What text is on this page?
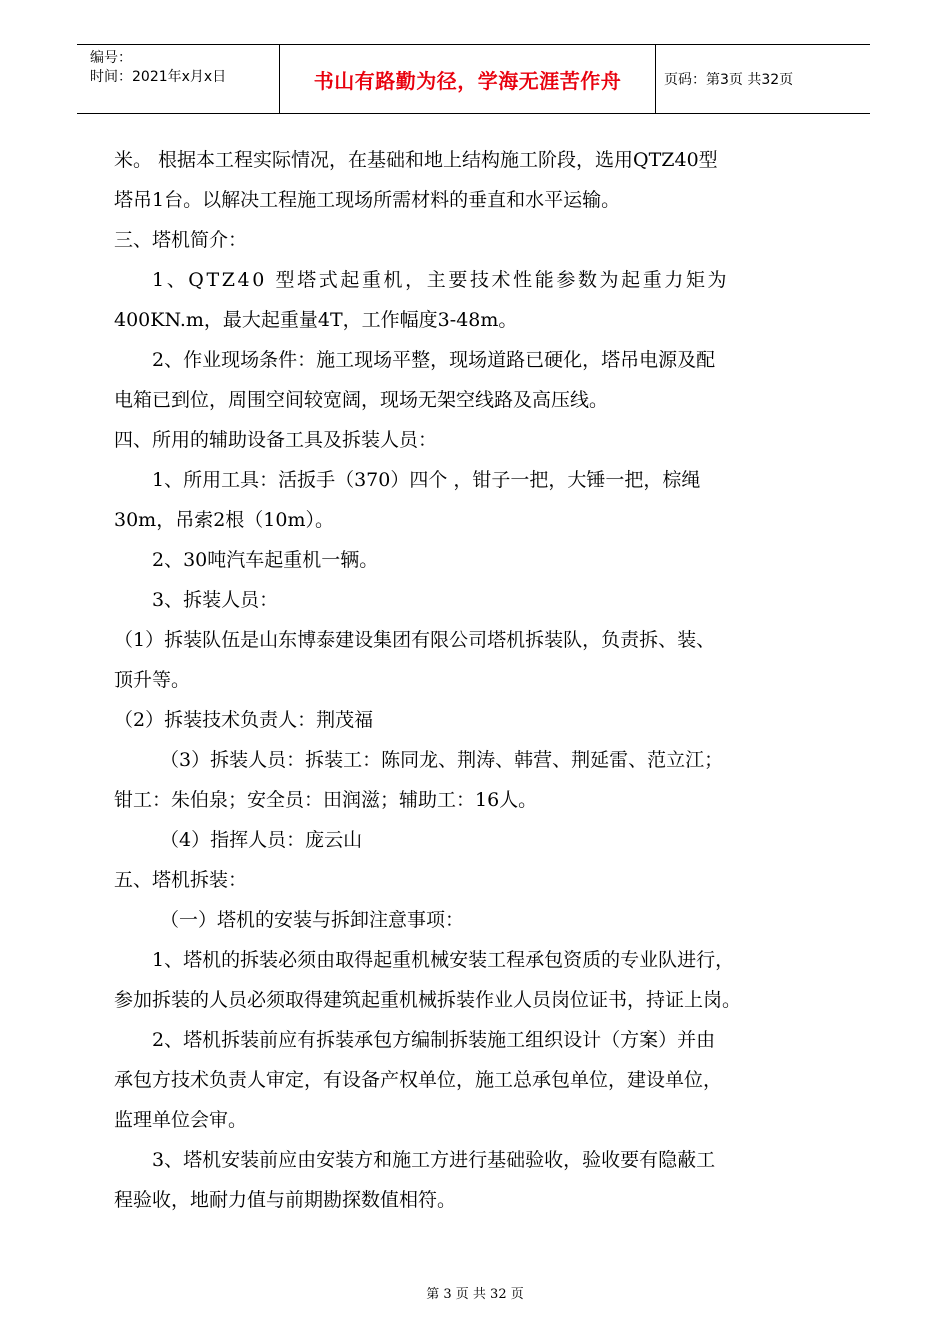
编号：
时间：2021年x月x日	书山有路勤为径，学海无涯苦作舟	页码：第3页 共32页

米。 根据本工程实际情况，在基础和地上结构施工阶段，选用QTZ40型

塔吊1台。以解决工程施工现场所需材料的垂直和水平运输。

三、塔机简介：

1、QTZ40 型塔式起重机，主要技术性能参数为起重力矩为

400KN.m，最大起重量4T，工作幅度3-48m。

2、作业现场条件：施工现场平整，现场道路已硬化，塔吊电源及配

电箱已到位，周围空间较宽阔，现场无架空线路及高压线。

四、所用的辅助设备工具及拆装人员：

1、所用工具：活扳手（370）四个 ，钳子一把，大锤一把，棕绳

30m，吊索2根（10m）。

2、30吨汽车起重机一辆。

3、拆装人员：

（1）拆装队伍是山东博泰建设集团有限公司塔机拆装队，负责拆、装、

顶升等。

（2）拆装技术负责人：荆茂福

（3）拆装人员：拆装工：陈同龙、荆涛、韩营、荆延雷、范立江；

钳工：朱伯泉；安全员：田润滋；辅助工：16人。

（4）指挥人员：庞云山

五、塔机拆装：

（一）塔机的安装与拆卸注意事项：

1、塔机的拆装必须由取得起重机械安装工程承包资质的专业队进行，

参加拆装的人员必须取得建筑起重机械拆装作业人员岗位证书，持证上岗。

2、塔机拆装前应有拆装承包方编制拆装施工组织设计（方案）并由

承包方技术负责人审定，有设备产权单位，施工总承包单位，建设单位，

监理单位会审。

3、塔机安装前应由安装方和施工方进行基础验收，验收要有隐蔽工

程验收，地耐力值与前期勘探数值相符。

第 3 页 共 32 页
